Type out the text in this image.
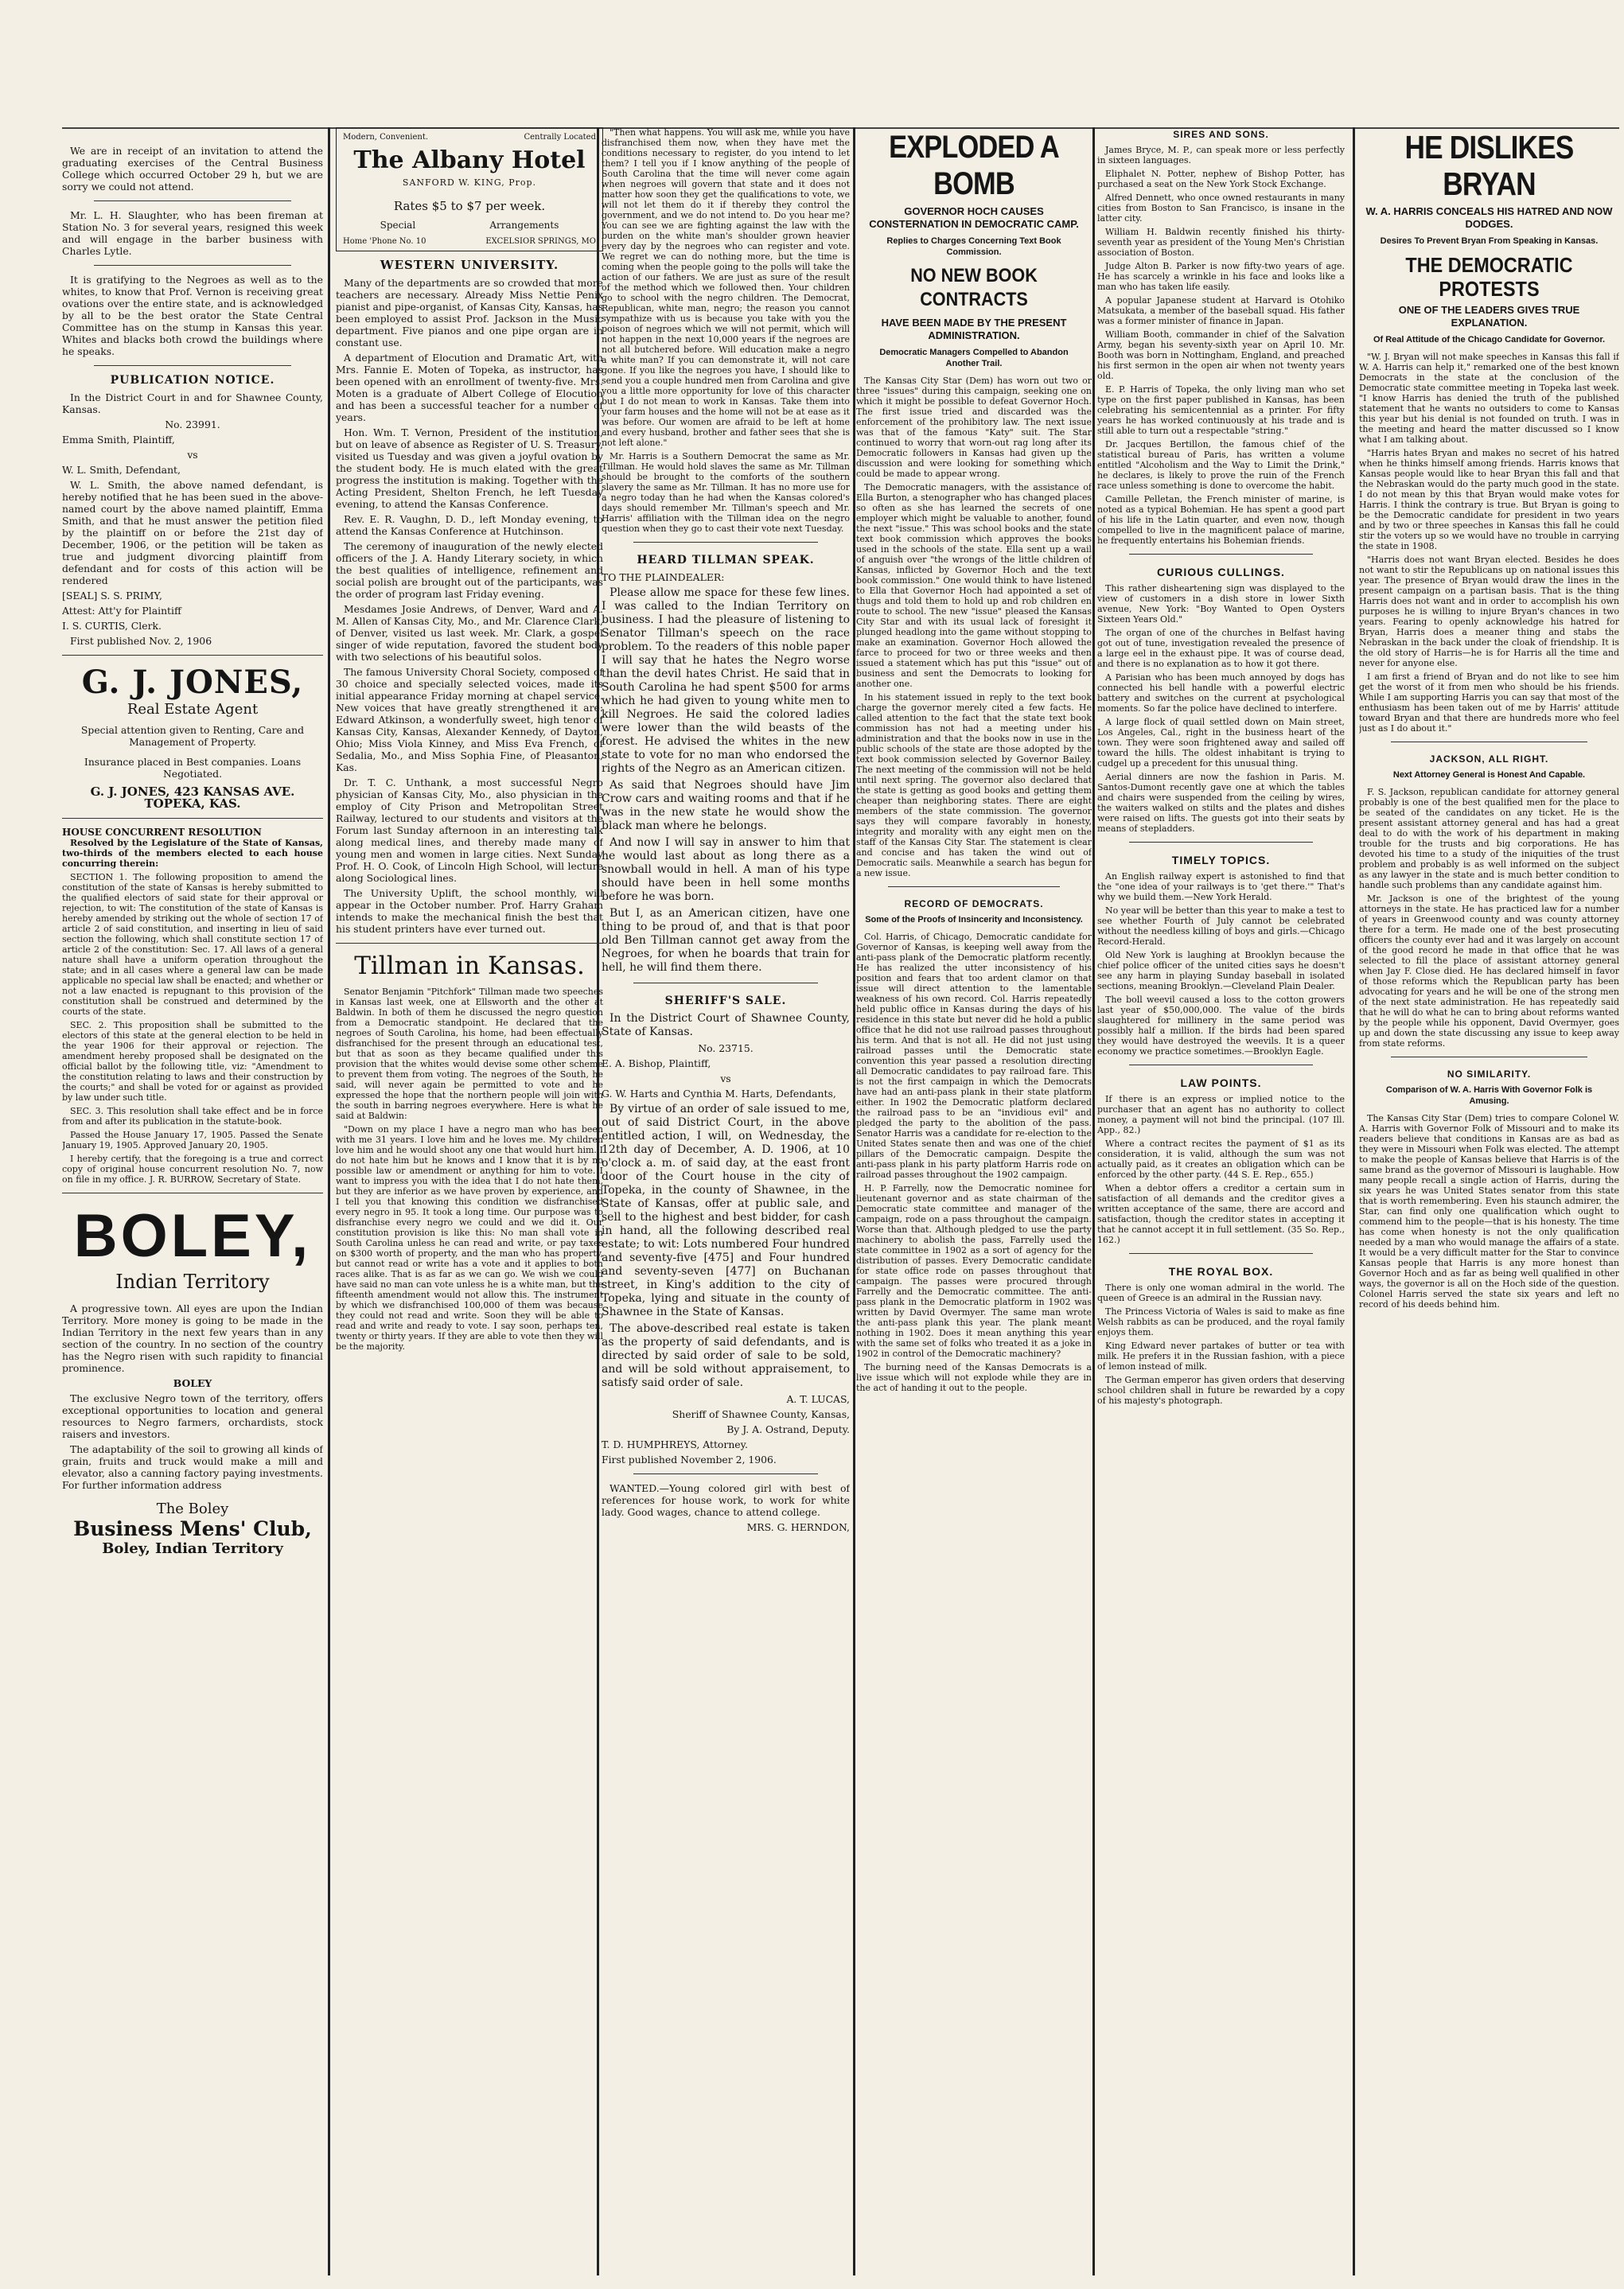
We are in receipt of an invitation to attend the graduating exercises of the Central Business College which occurred October 29 h, but we are sorry we could not attend.

Mr. L. H. Slaughter, who has been fireman at Station No. 3 for several years, resigned this week and will engage in the barber business with Charles Lytle.

It is gratifying to the Negroes as well as to the whites, to know that Prof. Vernon is receiving great ovations over the entire state, and is acknowledged by all to be the best orator the State Central Committee has on the stump in Kansas this year. Whites and blacks both crowd the buildings where he speaks.

PUBLICATION NOTICE.

In the District Court in and for Shawnee County, Kansas.

No. 23991.

Emma Smith, Plaintiff,

vs

W. L. Smith, Defendant,

W. L. Smith, the above named defendant, is hereby notified that he has been sued in the above-named court by the above named plaintiff, Emma Smith, and that he must answer the petition filed by the plaintiff on or before the 21st day of December, 1906, or the petition will be taken as true and judgment divorcing plaintiff from defendant and for costs of this action will be rendered

[SEAL] S. S. PRIMY,

Attest: Att'y for Plaintiff

I. S. CURTIS, Clerk.

First published Nov. 2, 1906

G. J. JONES,
Real Estate Agent

Special attention given to Renting, Care and Management of Property.

Insurance placed in Best companies. Loans Negotiated.

G. J. JONES, 423 KANSAS AVE. TOPEKA, KAS.

HOUSE CONCURRENT RESOLUTION

Resolved by the Legislature of the State of Kansas, two-thirds of the members elected to each house concurring therein:

SECTION 1. The following proposition to amend the constitution of the state of Kansas is hereby submitted to the qualified electors of said state for their approval or rejection, to wit: The constitution of the state of Kansas is hereby amended by striking out the whole of section 17 of article 2 of said constitution, and inserting in lieu of said section the following, which shall constitute section 17 of article 2 of the constitution: Sec. 17. All laws of a general nature shall have a uniform operation throughout the state; and in all cases where a general law can be made applicable no special law shall be enacted; and whether or not a law enacted is repugnant to this provision of the constitution shall be construed and determined by the courts of the state.

SEC. 2. This proposition shall be submitted to the electors of this state at the general election to be held in the year 1906 for their approval or rejection. The amendment hereby proposed shall be designated on the official ballot by the following title, viz: "Amendment to the constitution relating to laws and their construction by the courts;" and shall be voted for or against as provided by law under such title.

SEC. 3. This resolution shall take effect and be in force from and after its publication in the statute-book.

Passed the House January 17, 1905. Passed the Senate January 19, 1905. Approved January 20, 1905.

I hereby certify, that the foregoing is a true and correct copy of original house concurrent resolution No. 7, now on file in my office. J. R. BURROW, Secretary of State.

BOLEY,
Indian Territory

A progressive town. All eyes are upon the Indian Territory. More money is going to be made in the Indian Territory in the next few years than in any section of the country. In no section of the country has the Negro risen with such rapidity to financial prominence.

BOLEY

The exclusive Negro town of the territory, offers exceptional opportunities to location and general resources to Negro farmers, orchardists, stock raisers and investors.

The adaptability of the soil to growing all kinds of grain, fruits and truck would make a mill and elevator, also a canning factory paying investments. For further information address

The Boley
Business Mens' Club,
Boley, Indian Territory
Modern, Convenient.	Centrally Located
The Albany Hotel
SANFORD W. KING, Prop.
Rates $5 to $7 per week.
Special	Arrangements
Home 'Phone No. 10	EXCELSIOR SPRINGS, MO
WESTERN UNIVERSITY.

Many of the departments are so crowded that more teachers are necessary. Already Miss Nettie Penix pianist and pipe-organist, of Kansas City, Kansas, has been employed to assist Prof. Jackson in the Music department. Five pianos and one pipe organ are in constant use.

A department of Elocution and Dramatic Art, with Mrs. Fannie E. Moten of Topeka, as instructor, has been opened with an enrollment of twenty-five. Mrs. Moten is a graduate of Albert College of Elocution and has been a successful teacher for a number of years.

Hon. Wm. T. Vernon, President of the institution, but on leave of absence as Register of U. S. Treasury, visited us Tuesday and was given a joyful ovation by the student body. He is much elated with the great progress the institution is making. Together with the Acting President, Shelton French, he left Tuesday evening, to attend the Kansas Conference.

Rev. E. R. Vaughn, D. D., left Monday evening, to attend the Kansas Conference at Hutchinson.

The ceremony of inauguration of the newly elected officers of the J. A. Handy Literary society, in which the best qualities of intelligence, refinement and social polish are brought out of the participants, was the order of program last Friday evening.

Mesdames Josie Andrews, of Denver, Ward and A. M. Allen of Kansas City, Mo., and Mr. Clarence Clark, of Denver, visited us last week. Mr. Clark, a gospel singer of wide reputation, favored the student body with two selections of his beautiful solos.

The famous University Choral Society, composed of 30 choice and specially selected voices, made its initial appearance Friday morning at chapel service. New voices that have greatly strengthened it are: Edward Atkinson, a wonderfully sweet, high tenor of Kansas City, Kansas, Alexander Kennedy, of Dayton, Ohio; Miss Viola Kinney, and Miss Eva French, of Sedalia, Mo., and Miss Sophia Fine, of Pleasanton, Kas.

Dr. T. C. Unthank, a most successful Negro physician of Kansas City, Mo., also physician in the employ of City Prison and Metropolitan Street Railway, lectured to our students and visitors at the Forum last Sunday afternoon in an interesting talk along medical lines, and thereby made many of young men and women in large cities. Next Sunday Prof. H. O. Cook, of Lincoln High School, will lecture along Sociological lines.

The University Uplift, the school monthly, will appear in the October number. Prof. Harry Graham intends to make the mechanical finish the best that his student printers have ever turned out.

Tillman in Kansas.

Senator Benjamin "Pitchfork" Tillman made two speeches in Kansas last week, one at Ellsworth and the other at Baldwin. In both of them he discussed the negro question from a Democratic standpoint. He declared that the negroes of South Carolina, his home, had been effectually disfranchised for the present through an educational test, but that as soon as they became qualified under this provision that the whites would devise some other scheme to prevent them from voting. The negroes of the South, he said, will never again be permitted to vote and he expressed the hope that the northern people will join with the south in barring negroes everywhere. Here is what he said at Baldwin:

"Down on my place I have a negro man who has been with me 31 years. I love him and he loves me. My children love him and he would shoot any one that would hurt him. I do not hate him but he knows and I know that it is by no possible law or amendment or anything for him to vote. I want to impress you with the idea that I do not hate them, but they are inferior as we have proven by experience, and I tell you that knowing this condition we disfranchised every negro in 95. It took a long time. Our purpose was to disfranchise every negro we could and we did it. Our constitution provision is like this: No man shall vote in South Carolina unless he can read and write, or pay taxes on $300 worth of property, and the man who has property, but cannot read or write has a vote and it applies to both races alike. That is as far as we can go. We wish we could have said no man can vote unless he is a white man, but the fifteenth amendment would not allow this. The instrument by which we disfranchised 100,000 of them was because they could not read and write. Soon they will be able to read and write and ready to vote. I say soon, perhaps ten, twenty or thirty years. If they are able to vote then they will be the majority.

"Then what happens. You will ask me, while you have disfranchised them now, when they have met the conditions necessary to register, do you intend to let them? I tell you if I know anything of the people of South Carolina that the time will never come again when negroes will govern that state and it does not matter how soon they get the qualifications to vote, we will not let them do it if thereby they control the government, and we do not intend to. Do you hear me? You can see we are fighting against the law with the burden on the white man's shoulder grown heavier every day by the negroes who can register and vote. We regret we can do nothing more, but the time is coming when the people going to the polls will take the action of our fathers. We are just as sure of the result of the method which we followed then. Your children go to school with the negro children. The Democrat, Republican, white man, negro; the reason you cannot sympathize with us is because you take with you the poison of negroes which we will not permit, which will not happen in the next 10,000 years if the negroes are not all butchered before. Will education make a negro a white man? If you can demonstrate it, will not care gone. If you like the negroes you have, I should like to send you a couple hundred men from Carolina and give you a little more opportunity for love of this character but I do not mean to work in Kansas. Take them into your farm houses and the home will not be at ease as it was before. Our women are afraid to be left at home and every husband, brother and father sees that she is not left alone."

Mr. Harris is a Southern Democrat the same as Mr. Tillman. He would hold slaves the same as Mr. Tillman should be brought to the comforts of the southern slavery the same as Mr. Tillman. It has no more use for a negro today than he had when the Kansas colored's days should remember Mr. Tillman's speech and Mr. Harris' affiliation with the Tillman idea on the negro question when they go to cast their vote next Tuesday.

HEARD TILLMAN SPEAK.

TO THE PLAINDEALER:

Please allow me space for these few lines. I was called to the Indian Territory on business. I had the pleasure of listening to Senator Tillman's speech on the race problem. To the readers of this noble paper I will say that he hates the Negro worse than the devil hates Christ. He said that in South Carolina he had spent $500 for arms which he had given to young white men to kill Negroes. He said the colored ladies were lower than the wild beasts of the forest. He advised the whites in the new state to vote for no man who endorsed the rights of the Negro as an American citizen.

As said that Negroes should have Jim Crow cars and waiting rooms and that if he was in the new state he would show the black man where he belongs.

And now I will say in answer to him that he would last about as long there as a snowball would in hell. A man of his type should have been in hell some months before he was born.

But I, as an American citizen, have one thing to be proud of, and that is that poor old Ben Tillman cannot get away from the Negroes, for when he boards that train for hell, he will find them there.

SHERIFF'S SALE.

In the District Court of Shawnee County, State of Kansas.

No. 23715.

E. A. Bishop, Plaintiff,

vs

G. W. Harts and Cynthia M. Harts, Defendants,

By virtue of an order of sale issued to me, out of said District Court, in the above entitled action, I will, on Wednesday, the 12th day of December, A. D. 1906, at 10 o'clock a. m. of said day, at the east front door of the Court house in the city of Topeka, in the county of Shawnee, in the State of Kansas, offer at public sale, and sell to the highest and best bidder, for cash in hand, all the following described real estate; to wit: Lots numbered Four hundred and seventy-five [475] and Four hundred and seventy-seven [477] on Buchanan street, in King's addition to the city of Topeka, lying and situate in the county of Shawnee in the State of Kansas.

The above-described real estate is taken as the property of said defendants, and is directed by said order of sale to be sold, and will be sold without appraisement, to satisfy said order of sale.

A. T. LUCAS,

Sheriff of Shawnee County, Kansas,

By J. A. Ostrand, Deputy.

T. D. HUMPHREYS, Attorney.

First published November 2, 1906.

WANTED.—Young colored girl with best of references for house work, to work for white lady. Good wages, chance to attend college.

MRS. G. HERNDON,

EXPLODED A BOMB
GOVERNOR HOCH CAUSES CONSTERNATION IN DEMOCRATIC CAMP.
Replies to Charges Concerning Text Book Commission.
NO NEW BOOK CONTRACTS
HAVE BEEN MADE BY THE PRESENT ADMINISTRATION.
Democratic Managers Compelled to Abandon Another Trail.

The Kansas City Star (Dem) has worn out two or three "issues" during this campaign, seeking one on which it might be possible to defeat Governor Hoch. The first issue tried and discarded was the enforcement of the prohibitory law. The next issue was that of the famous "Katy" suit. The Star continued to worry that worn-out rag long after its Democratic followers in Kansas had given up the discussion and were looking for something which could be made to appear wrong.

The Democratic managers, with the assistance of Ella Burton, a stenographer who has changed places so often as she has learned the secrets of one employer which might be valuable to another, found the next "issue." This was school books and the state text book commission which approves the books used in the schools of the state. Ella sent up a wail of anguish over "the wrongs of the little children of Kansas, inflicted by Governor Hoch and the text book commission." One would think to have listened to Ella that Governor Hoch had appointed a set of thugs and told them to hold up and rob children en route to school. The new "issue" pleased the Kansas City Star and with its usual lack of foresight it plunged headlong into the game without stopping to make an examination. Governor Hoch allowed the farce to proceed for two or three weeks and then issued a statement which has put this "issue" out of business and sent the Democrats to looking for another one.

In his statement issued in reply to the text book charge the governor merely cited a few facts. He called attention to the fact that the state text book commission has not had a meeting under his administration and that the books now in use in the public schools of the state are those adopted by the text book commission selected by Governor Bailey. The next meeting of the commission will not be held until next spring. The governor also declared that the state is getting as good books and getting them cheaper than neighboring states. There are eight members of the state commission. The governor says they will compare favorably in honesty, integrity and morality with any eight men on the staff of the Kansas City Star. The statement is clear and concise and has taken the wind out of Democratic sails. Meanwhile a search has begun for a new issue.

RECORD OF DEMOCRATS.
Some of the Proofs of Insincerity and Inconsistency.

Col. Harris, of Chicago, Democratic candidate for Governor of Kansas, is keeping well away from the anti-pass plank of the Democratic platform recently. He has realized the utter inconsistency of his position and fears that too ardent clamor on that issue will direct attention to the lamentable weakness of his own record. Col. Harris repeatedly held public office in Kansas during the days of his residence in this state but never did he hold a public office that he did not use railroad passes throughout his term. And that is not all. He did not just using railroad passes until the Democratic state convention this year passed a resolution directing all Democratic candidates to pay railroad fare. This is not the first campaign in which the Democrats have had an anti-pass plank in their state platform either. In 1902 the Democratic platform declared the railroad pass to be an "invidious evil" and pledged the party to the abolition of the pass. Senator Harris was a candidate for re-election to the United States senate then and was one of the chief pillars of the Democratic campaign. Despite the anti-pass plank in his party platform Harris rode on railroad passes throughout the 1902 campaign.

H. P. Farrelly, now the Democratic nominee for lieutenant governor and as state chairman of the Democratic state committee and manager of the campaign, rode on a pass throughout the campaign. Worse than that. Although pledged to use the party machinery to abolish the pass, Farrelly used the state committee in 1902 as a sort of agency for the distribution of passes. Every Democratic candidate for state office rode on passes throughout that campaign. The passes were procured through Farrelly and the Democratic committee. The anti-pass plank in the Democratic platform in 1902 was written by David Overmyer. The same man wrote the anti-pass plank this year. The plank meant nothing in 1902. Does it mean anything this year with the same set of folks who treated it as a joke in 1902 in control of the Democratic machinery?

The burning need of the Kansas Democrats is a live issue which will not explode while they are in the act of handing it out to the people.

SIRES AND SONS.

James Bryce, M. P., can speak more or less perfectly in sixteen languages.

Eliphalet N. Potter, nephew of Bishop Potter, has purchased a seat on the New York Stock Exchange.

Alfred Dennett, who once owned restaurants in many cities from Boston to San Francisco, is insane in the latter city.

William H. Baldwin recently finished his thirty-seventh year as president of the Young Men's Christian association of Boston.

Judge Alton B. Parker is now fifty-two years of age. He has scarcely a wrinkle in his face and looks like a man who has taken life easily.

A popular Japanese student at Harvard is Otohiko Matsukata, a member of the baseball squad. His father was a former minister of finance in Japan.

William Booth, commander in chief of the Salvation Army, began his seventy-sixth year on April 10. Mr. Booth was born in Nottingham, England, and preached his first sermon in the open air when not twenty years old.

E. P. Harris of Topeka, the only living man who set type on the first paper published in Kansas, has been celebrating his semicentennial as a printer. For fifty years he has worked continuously at his trade and is still able to turn out a respectable "string."

Dr. Jacques Bertillon, the famous chief of the statistical bureau of Paris, has written a volume entitled "Alcoholism and the Way to Limit the Drink," he declares, is likely to prove the ruin of the French race unless something is done to overcome the habit.

Camille Pelletan, the French minister of marine, is noted as a typical Bohemian. He has spent a good part of his life in the Latin quarter, and even now, though compelled to live in the magnificent palace of marine, he frequently entertains his Bohemian friends.

CURIOUS CULLINGS.

This rather disheartening sign was displayed to the view of customers in a dish store in lower Sixth avenue, New York: "Boy Wanted to Open Oysters Sixteen Years Old."

The organ of one of the churches in Belfast having got out of tune, investigation revealed the presence of a large eel in the exhaust pipe. It was of course dead, and there is no explanation as to how it got there.

A Parisian who has been much annoyed by dogs has connected his bell handle with a powerful electric battery and switches on the current at psychological moments. So far the police have declined to interfere.

A large flock of quail settled down on Main street, Los Angeles, Cal., right in the business heart of the town. They were soon frightened away and sailed off toward the hills. The oldest inhabitant is trying to cudgel up a precedent for this unusual thing.

Aerial dinners are now the fashion in Paris. M. Santos-Dumont recently gave one at which the tables and chairs were suspended from the ceiling by wires, the waiters walked on stilts and the plates and dishes were raised on lifts. The guests got into their seats by means of stepladders.

TIMELY TOPICS.

An English railway expert is astonished to find that the "one idea of your railways is to 'get there.'" That's why we build them.—New York Herald.

No year will be better than this year to make a test to see whether Fourth of July cannot be celebrated without the needless killing of boys and girls.—Chicago Record-Herald.

Old New York is laughing at Brooklyn because the chief police officer of the united cities says he doesn't see any harm in playing Sunday baseball in isolated sections, meaning Brooklyn.—Cleveland Plain Dealer.

The boll weevil caused a loss to the cotton growers last year of $50,000,000. The value of the birds slaughtered for millinery in the same period was possibly half a million. If the birds had been spared they would have destroyed the weevils. It is a queer economy we practice sometimes.—Brooklyn Eagle.

LAW POINTS.

If there is an express or implied notice to the purchaser that an agent has no authority to collect money, a payment will not bind the principal. (107 Ill. App., 82.)

Where a contract recites the payment of $1 as its consideration, it is valid, although the sum was not actually paid, as it creates an obligation which can be enforced by the other party. (44 S. E. Rep., 655.)

When a debtor offers a creditor a certain sum in satisfaction of all demands and the creditor gives a written acceptance of the same, there are accord and satisfaction, though the creditor states in accepting it that he cannot accept it in full settlement. (35 So. Rep., 162.)

THE ROYAL BOX.

There is only one woman admiral in the world. The queen of Greece is an admiral in the Russian navy.

The Princess Victoria of Wales is said to make as fine Welsh rabbits as can be produced, and the royal family enjoys them.

King Edward never partakes of butter or tea with milk. He prefers it in the Russian fashion, with a piece of lemon instead of milk.

The German emperor has given orders that deserving school children shall in future be rewarded by a copy of his majesty's photograph.

HE DISLIKES BRYAN
W. A. HARRIS CONCEALS HIS HATRED AND NOW DODGES.
Desires To Prevent Bryan From Speaking in Kansas.
THE DEMOCRATIC PROTESTS
ONE OF THE LEADERS GIVES TRUE EXPLANATION.
Of Real Attitude of the Chicago Candidate for Governor.

"W. J. Bryan will not make speeches in Kansas this fall if W. A. Harris can help it," remarked one of the best known Democrats in the state at the conclusion of the Democratic state committee meeting in Topeka last week. "I know Harris has denied the truth of the published statement that he wants no outsiders to come to Kansas this year but his denial is not founded on truth. I was in the meeting and heard the matter discussed so I know what I am talking about.

"Harris hates Bryan and makes no secret of his hatred when he thinks himself among friends. Harris knows that Kansas people would like to hear Bryan this fall and that the Nebraskan would do the party much good in the state. I do not mean by this that Bryan would make votes for Harris. I think the contrary is true. But Bryan is going to be the Democratic candidate for president in two years and by two or three speeches in Kansas this fall he could stir the voters up so we would have no trouble in carrying the state in 1908.

"Harris does not want Bryan elected. Besides he does not want to stir the Republicans up on national issues this year. The presence of Bryan would draw the lines in the present campaign on a partisan basis. That is the thing Harris does not want and in order to accomplish his own purposes he is willing to injure Bryan's chances in two years. Fearing to openly acknowledge his hatred for Bryan, Harris does a meaner thing and stabs the Nebraskan in the back under the cloak of friendship. It is the old story of Harris—he is for Harris all the time and never for anyone else.

I am first a friend of Bryan and do not like to see him get the worst of it from men who should be his friends. While I am supporting Harris you can say that most of the enthusiasm has been taken out of me by Harris' attitude toward Bryan and that there are hundreds more who feel just as I do about it."

JACKSON, ALL RIGHT.
Next Attorney General is Honest And Capable.

F. S. Jackson, republican candidate for attorney general probably is one of the best qualified men for the place to be seated of the candidates on any ticket. He is the present assistant attorney general and has had a great deal to do with the work of his department in making trouble for the trusts and big corporations. He has devoted his time to a study of the iniquities of the trust problem and probably is as well informed on the subject as any lawyer in the state and is much better condition to handle such problems than any candidate against him.

Mr. Jackson is one of the brightest of the young attorneys in the state. He has practiced law for a number of years in Greenwood county and was county attorney there for a term. He made one of the best prosecuting officers the county ever had and it was largely on account of the good record he made in that office that he was selected to fill the place of assistant attorney general when Jay F. Close died. He has declared himself in favor of those reforms which the Republican party has been advocating for years and he will be one of the strong men of the next state administration. He has repeatedly said that he will do what he can to bring about reforms wanted by the people while his opponent, David Overmyer, goes up and down the state discussing any issue to keep away from state reforms.

NO SIMILARITY.
Comparison of W. A. Harris With Governor Folk is Amusing.

The Kansas City Star (Dem) tries to compare Colonel W. A. Harris with Governor Folk of Missouri and to make its readers believe that conditions in Kansas are as bad as they were in Missouri when Folk was elected. The attempt to make the people of Kansas believe that Harris is of the same brand as the governor of Missouri is laughable. How many people recall a single action of Harris, during the six years he was United States senator from this state that is worth remembering. Even his staunch admirer, the Star, can find only one qualification which ought to commend him to the people—that is his honesty. The time has come when honesty is not the only qualification needed by a man who would manage the affairs of a state. It would be a very difficult matter for the Star to convince Kansas people that Harris is any more honest than Governor Hoch and as far as being well qualified in other ways, the governor is all on the Hoch side of the question. Colonel Harris served the state six years and left no record of his deeds behind him.
